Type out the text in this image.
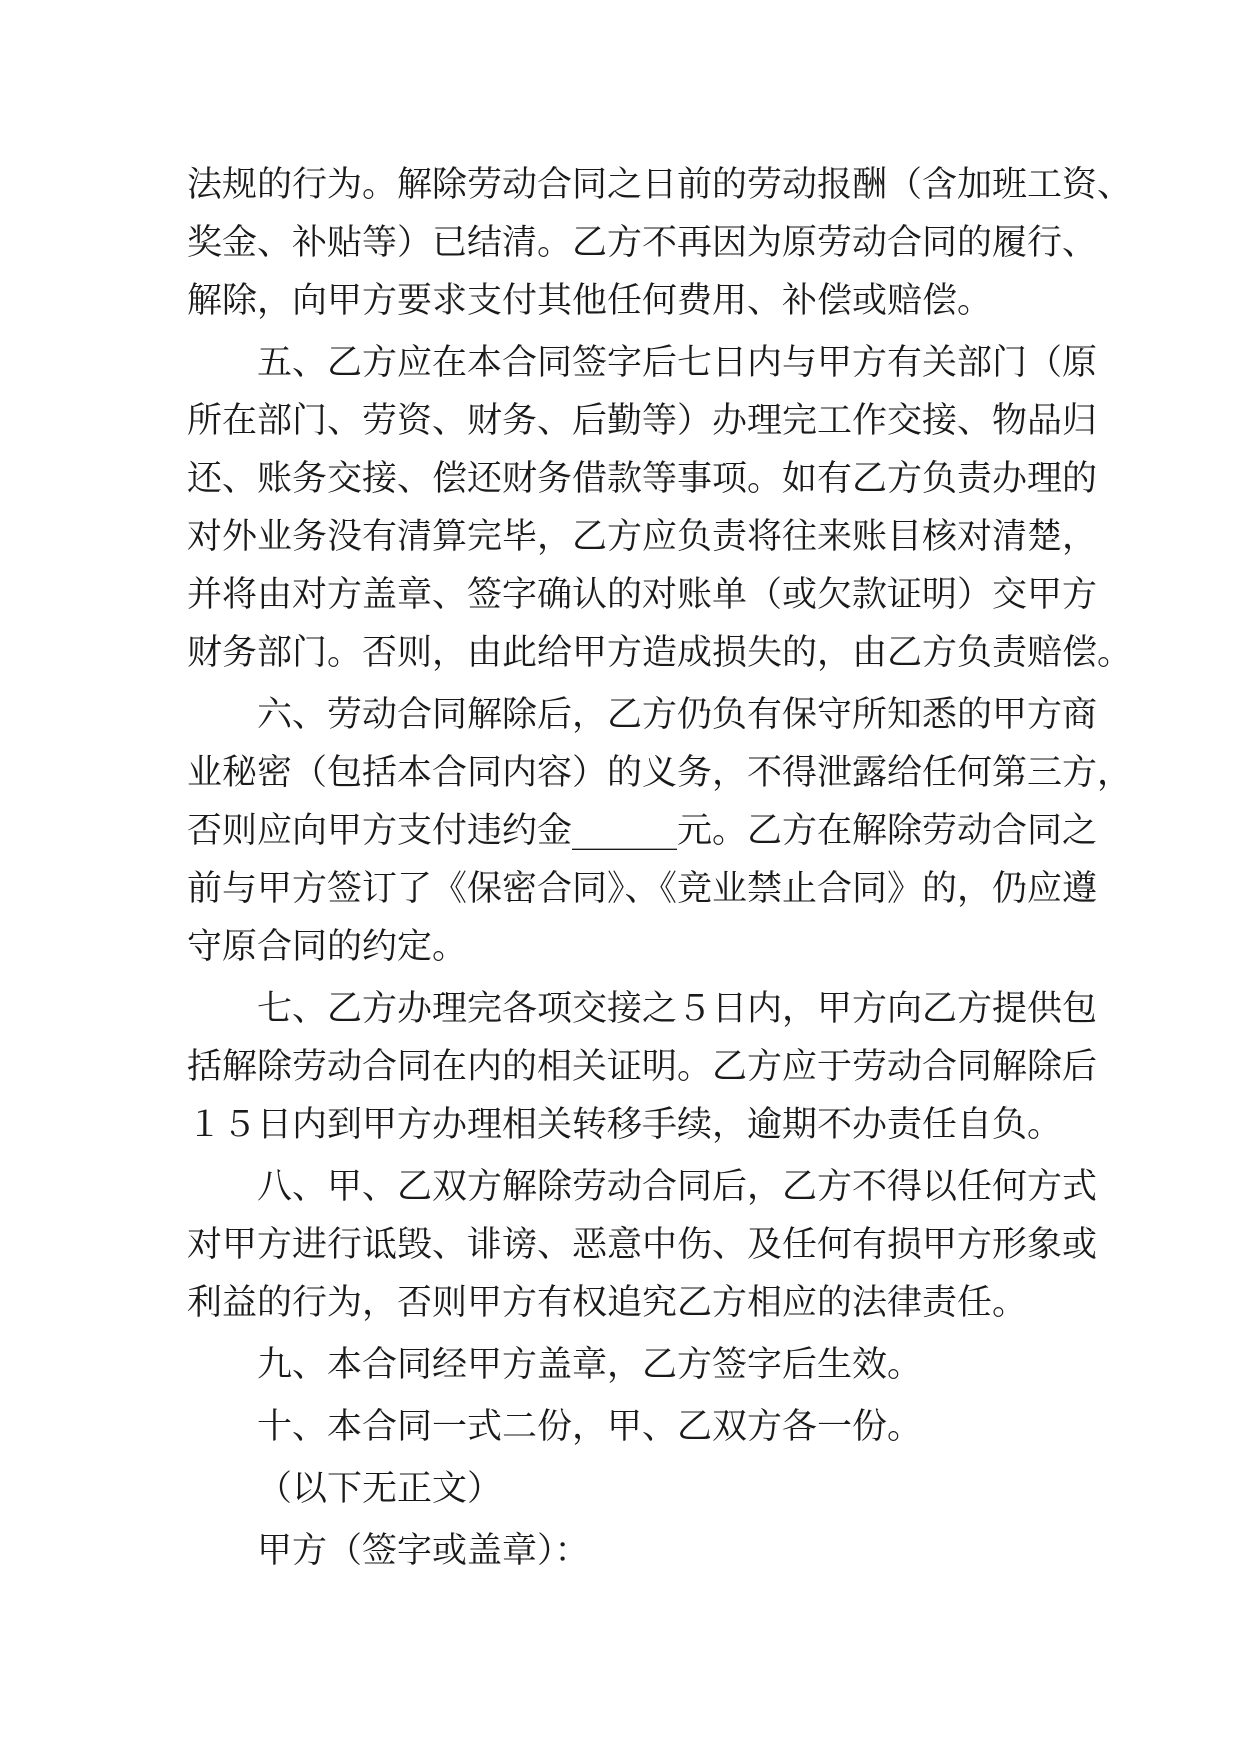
法规的行为。解除劳动合同之日前的劳动报酬（含加班工资、
奖金、补贴等）已结清。乙方不再因为原劳动合同的履行、
解除，向甲方要求支付其他任何费用、补偿或赔偿。
五、乙方应在本合同签字后七日内与甲方有关部门（原
所在部门、劳资、财务、后勤等）办理完工作交接、物品归
还、账务交接、偿还财务借款等事项。如有乙方负责办理的
对外业务没有清算完毕，乙方应负责将往来账目核对清楚，
并将由对方盖章、签字确认的对账单（或欠款证明）交甲方
财务部门。否则，由此给甲方造成损失的，由乙方负责赔偿。
六、劳动合同解除后，乙方仍负有保守所知悉的甲方商
业秘密（包括本合同内容）的义务，不得泄露给任何第三方，
否则应向甲方支付违约金______元。乙方在解除劳动合同之
前与甲方签订了《保密合同》、《竞业禁止合同》的，仍应遵
守原合同的约定。
七、乙方办理完各项交接之５日内，甲方向乙方提供包
括解除劳动合同在内的相关证明。乙方应于劳动合同解除后
１５日内到甲方办理相关转移手续，逾期不办责任自负。
八、甲、乙双方解除劳动合同后，乙方不得以任何方式
对甲方进行诋毁、诽谤、恶意中伤、及任何有损甲方形象或
利益的行为，否则甲方有权追究乙方相应的法律责任。
九、本合同经甲方盖章，乙方签字后生效。
十、本合同一式二份，甲、乙双方各一份。
（以下无正文）
甲方（签字或盖章）：
